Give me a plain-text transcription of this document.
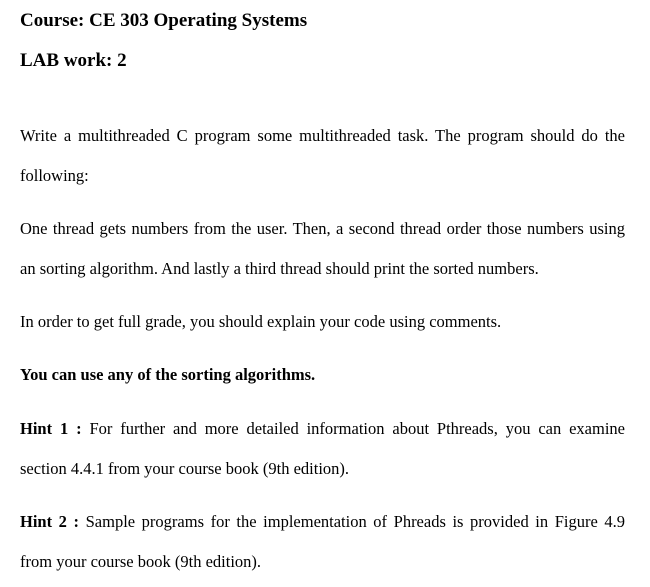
Course: CE 303 Operating Systems
LAB work: 2

Write a multithreaded C program some multithreaded task. The program should do the following:

One thread gets numbers from the user. Then, a second thread order those numbers using an sorting algorithm. And lastly a third thread should print the sorted numbers.

In order to get full grade, you should explain your code using comments.

You can use any of the sorting algorithms.

Hint 1 : For further and more detailed information about Pthreads, you can examine section 4.4.1 from your course book (9th edition).

Hint 2 : Sample programs for the implementation of Phreads is provided in Figure 4.9 from your course book (9th edition).
